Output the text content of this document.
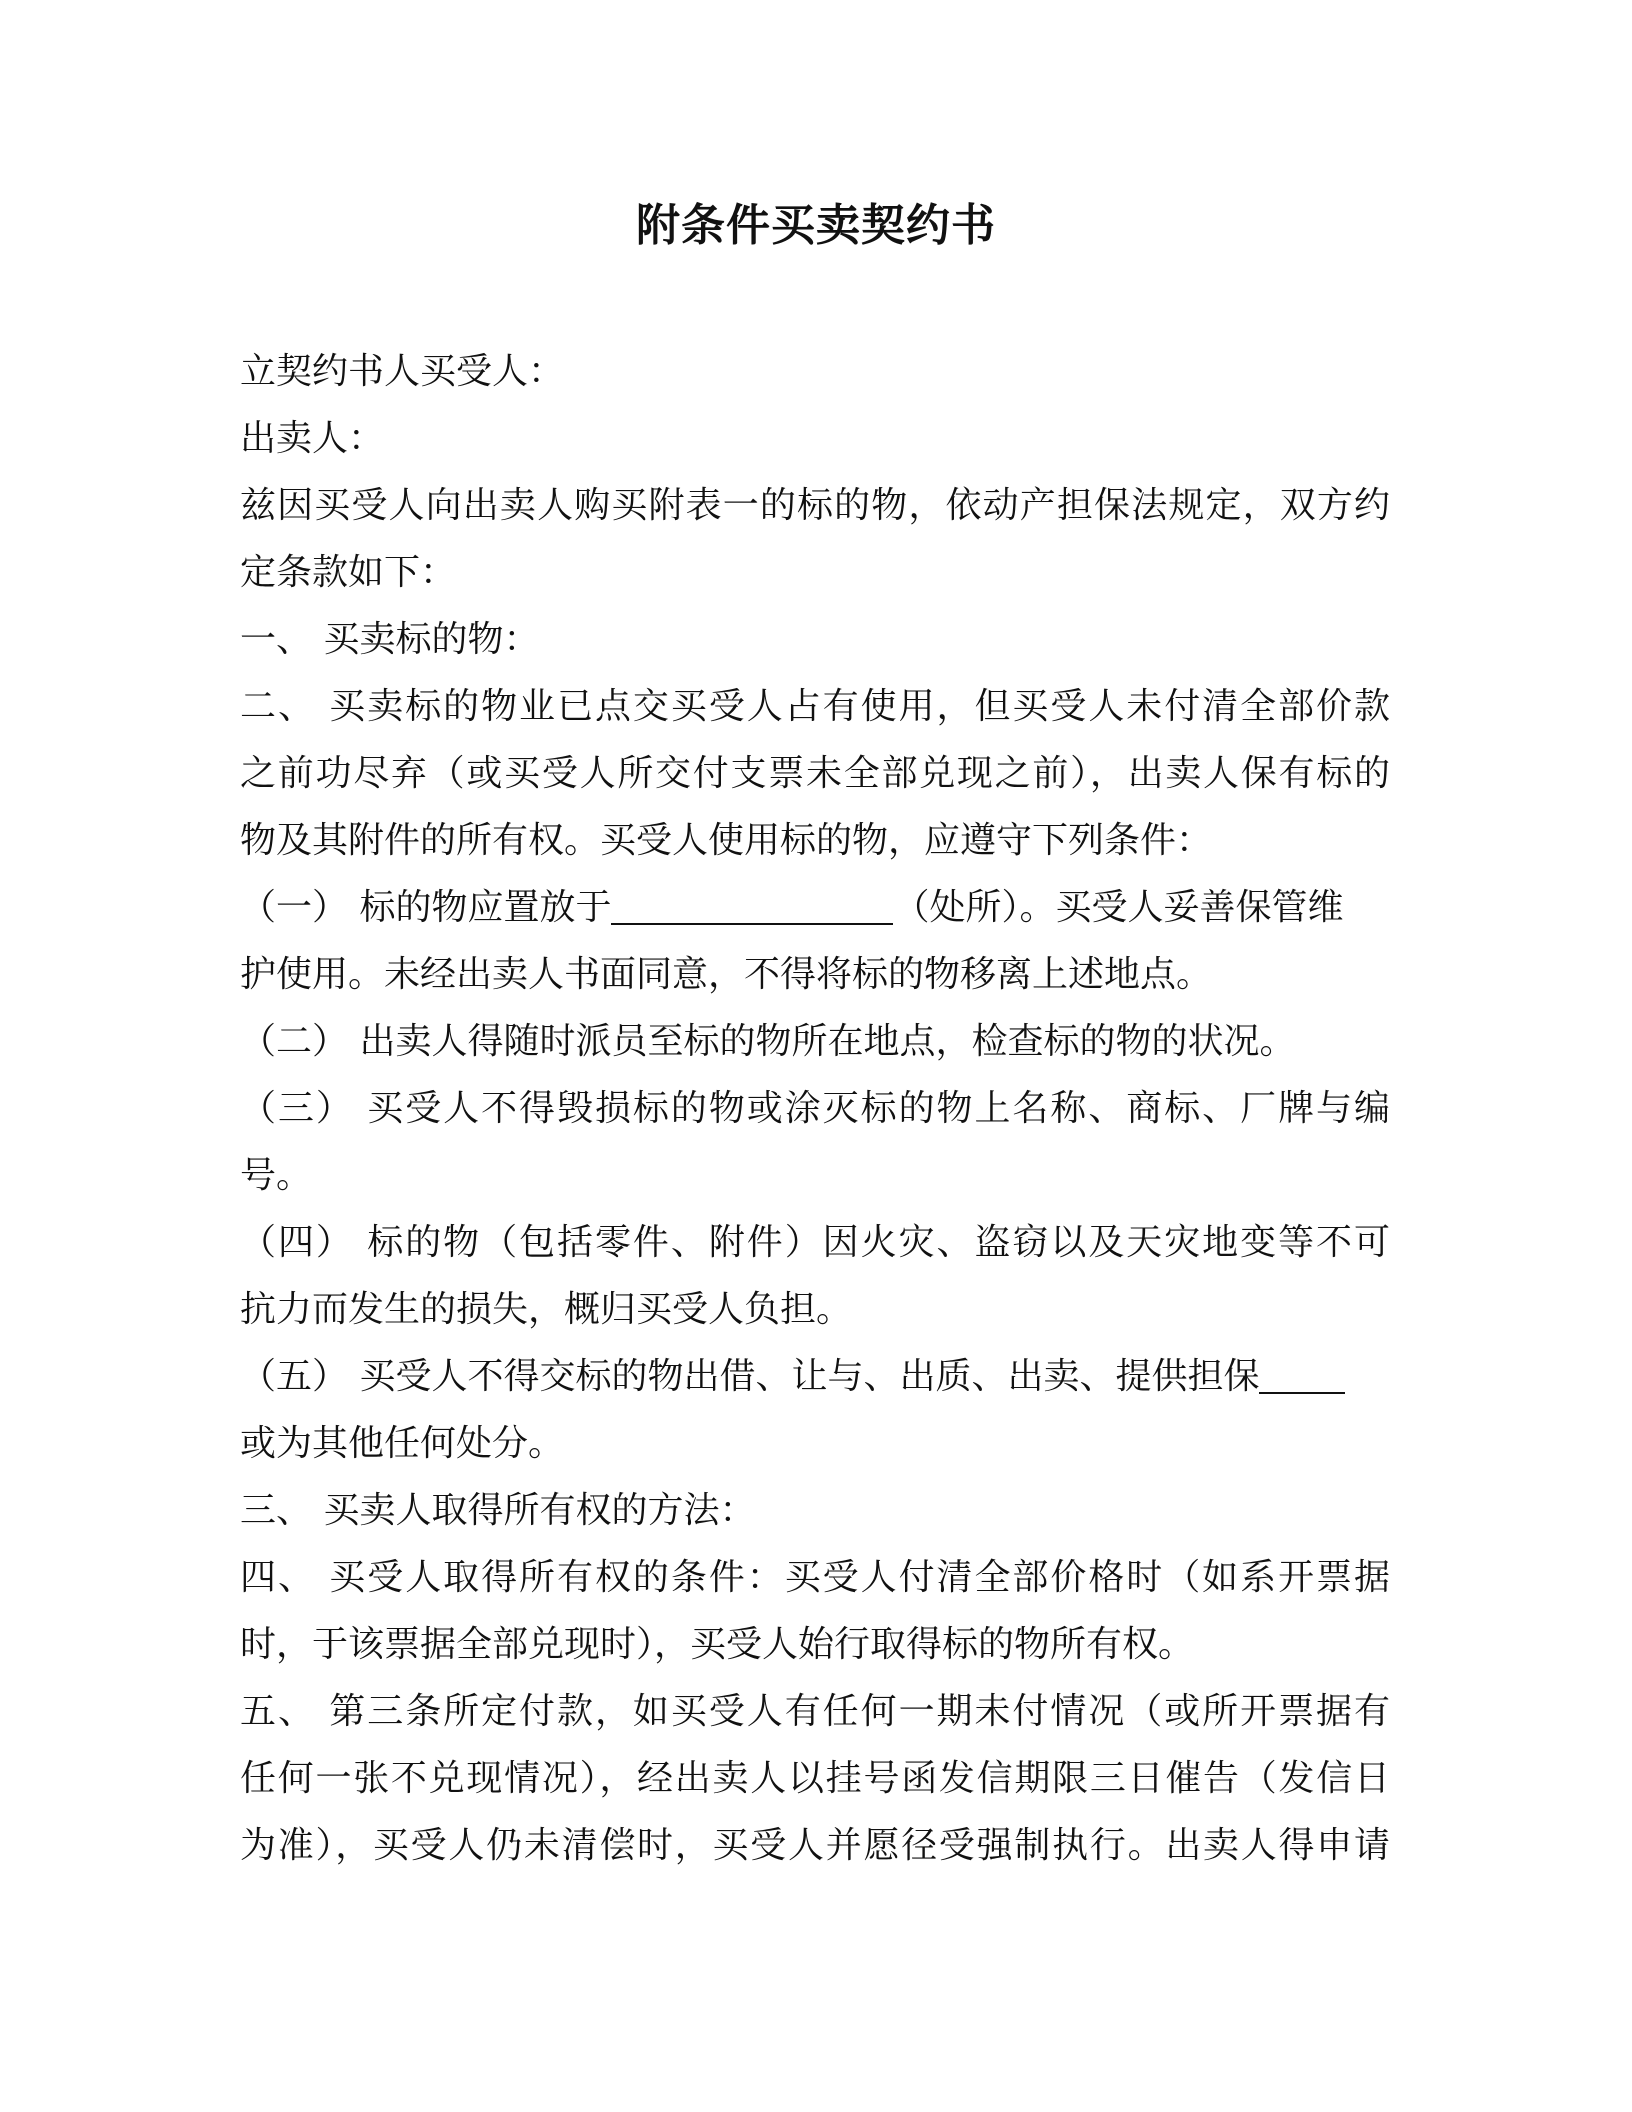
附条件买卖契约书
立契约书人买受人：
出卖人：
兹因买受人向出卖人购买附表一的标的物，依动产担保法规定，双方约
定条款如下：
一、 买卖标的物：
二、 买卖标的物业已点交买受人占有使用，但买受人未付清全部价款
之前功尽弃（或买受人所交付支票未全部兑现之前），出卖人保有标的
物及其附件的所有权。买受人使用标的物，应遵守下列条件：
（一） 标的物应置放于	（处所）。买受人妥善保管维
护使用。未经出卖人书面同意，不得将标的物移离上述地点。
（二） 出卖人得随时派员至标的物所在地点，检查标的物的状况。
（三） 买受人不得毁损标的物或涂灭标的物上名称、商标、厂牌与编
号。
（四） 标的物（包括零件、附件）因火灾、盗窃以及天灾地变等不可
抗力而发生的损失，概归买受人负担。
（五） 买受人不得交标的物出借、让与、出质、出卖、提供担保
或为其他任何处分。
三、 买卖人取得所有权的方法：
四、 买受人取得所有权的条件：买受人付清全部价格时（如系开票据
时，于该票据全部兑现时），买受人始行取得标的物所有权。
五、 第三条所定付款，如买受人有任何一期未付情况（或所开票据有
任何一张不兑现情况），经出卖人以挂号函发信期限三日催告（发信日
为准），买受人仍未清偿时，买受人并愿径受强制执行。出卖人得申请
